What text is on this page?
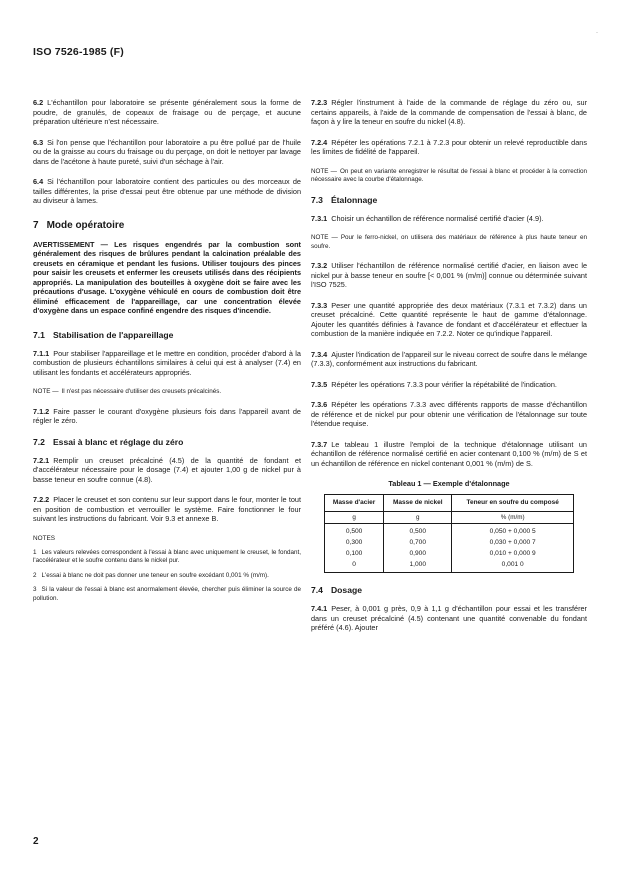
ISO 7526-1985 (F)
·

6.2 L'échantillon pour laboratoire se présente généralement sous la forme de poudre, de granulés, de copeaux de fraisage ou de perçage, et aucune préparation ultérieure n'est nécessaire.

6.3 Si l'on pense que l'échantillon pour laboratoire a pu être pollué par de l'huile ou de la graisse au cours du fraisage ou du perçage, on doit le nettoyer par lavage dans de l'acétone à haute pureté, suivi d'un séchage à l'air.

6.4 Si l'échantillon pour laboratoire contient des particules ou des morceaux de tailles différentes, la prise d'essai peut être obtenue par une méthode de division au diviseur à lames.

7 Mode opératoire

AVERTISSEMENT — Les risques engendrés par la combustion sont généralement des risques de brûlures pendant la calcination préalable des creusets en céramique et pendant les fusions. Utiliser toujours des pinces pour saisir les creusets et enfermer les creusets utilisés dans des récipients appropriés. La manipulation des bouteilles à oxygène doit se faire avec les précautions d'usage. L'oxygène véhiculé en cours de combustion doit être éliminé efficacement de l'appareillage, car une concentration élevée d'oxygène dans un espace confiné engendre des risques d'incendie.

7.1 Stabilisation de l'appareillage

7.1.1 Pour stabiliser l'appareillage et le mettre en condition, procéder d'abord à la combustion de plusieurs échantillons similaires à celui qui est à analyser (7.4) en utilisant les fondants et accélérateurs appropriés.

NOTE — Il n'est pas nécessaire d'utiliser des creusets précalcinés.

7.1.2 Faire passer le courant d'oxygène plusieurs fois dans l'appareil avant de régler le zéro.

7.2 Essai à blanc et réglage du zéro

7.2.1 Remplir un creuset précalciné (4.5) de la quantité de fondant et d'accélérateur nécessaire pour le dosage (7.4) et ajouter 1,00 g de nickel pur à basse teneur en soufre connue (4.8).

7.2.2 Placer le creuset et son contenu sur leur support dans le four, monter le tout en position de combustion et verrouiller le système. Faire fonctionner le four suivant les instructions du fabricant. Voir 9.3 et annexe B.

NOTES

1 Les valeurs relevées correspondent à l'essai à blanc avec uniquement le creuset, le fondant, l'accélérateur et le soufre contenu dans le nickel pur.

2 L'essai à blanc ne doit pas donner une teneur en soufre excédant 0,001 % (m/m).

3 Si la valeur de l'essai à blanc est anormalement élevée, chercher puis éliminer la source de pollution.

7.2.3 Régler l'instrument à l'aide de la commande de réglage du zéro ou, sur certains appareils, à l'aide de la commande de compensation de l'essai à blanc, de façon à y lire la teneur en soufre du nickel (4.8).

7.2.4 Répéter les opérations 7.2.1 à 7.2.3 pour obtenir un relevé reproductible dans les limites de fidélité de l'appareil.

NOTE — On peut en variante enregistrer le résultat de l'essai à blanc et procéder à la correction nécessaire avec la courbe d'étalonnage.

7.3 Étalonnage

7.3.1 Choisir un échantillon de référence normalisé certifié d'acier (4.9).

NOTE — Pour le ferro-nickel, on utilisera des matériaux de référence à plus haute teneur en soufre.

7.3.2 Utiliser l'échantillon de référence normalisé certifié d'acier, en liaison avec le nickel pur à basse teneur en soufre [< 0,001 % (m/m)] connue ou déterminée suivant l'ISO 7525.

7.3.3 Peser une quantité appropriée des deux matériaux (7.3.1 et 7.3.2) dans un creuset précalciné. Cette quantité représente le haut de gamme d'étalonnage. Ajouter les quantités définies à l'avance de fondant et d'accélérateur et effectuer la combustion de la manière indiquée en 7.2.2. Noter ce qu'indique l'appareil.

7.3.4 Ajuster l'indication de l'appareil sur le niveau correct de soufre dans le mélange (7.3.3), conformément aux instructions du fabricant.

7.3.5 Répéter les opérations 7.3.3 pour vérifier la répétabilité de l'indication.

7.3.6 Répéter les opérations 7.3.3 avec différents rapports de masse d'échantillon de référence et de nickel pur pour obtenir une vérification de l'étalonnage sur toute l'étendue requise.

7.3.7 Le tableau 1 illustre l'emploi de la technique d'étalonnage utilisant un échantillon de référence normalisé certifié en acier contenant 0,100 % (m/m) de S et un échantillon de référence en nickel contenant 0,001 % (m/m) de S.

Tableau 1 — Exemple d'étalonnage
Masse d'acier	Masse de nickel	Teneur en soufre du composé
g	g	% (m/m)
0,500	0,500	0,050 + 0,000 5
0,300	0,700	0,030 + 0,000 7
0,100	0,900	0,010 + 0,000 9
0	1,000	0,001 0
7.4 Dosage

7.4.1 Peser, à 0,001 g près, 0,9 à 1,1 g d'échantillon pour essai et les transférer dans un creuset précalciné (4.5) contenant une quantité convenable du fondant préféré (4.6). Ajouter

2
